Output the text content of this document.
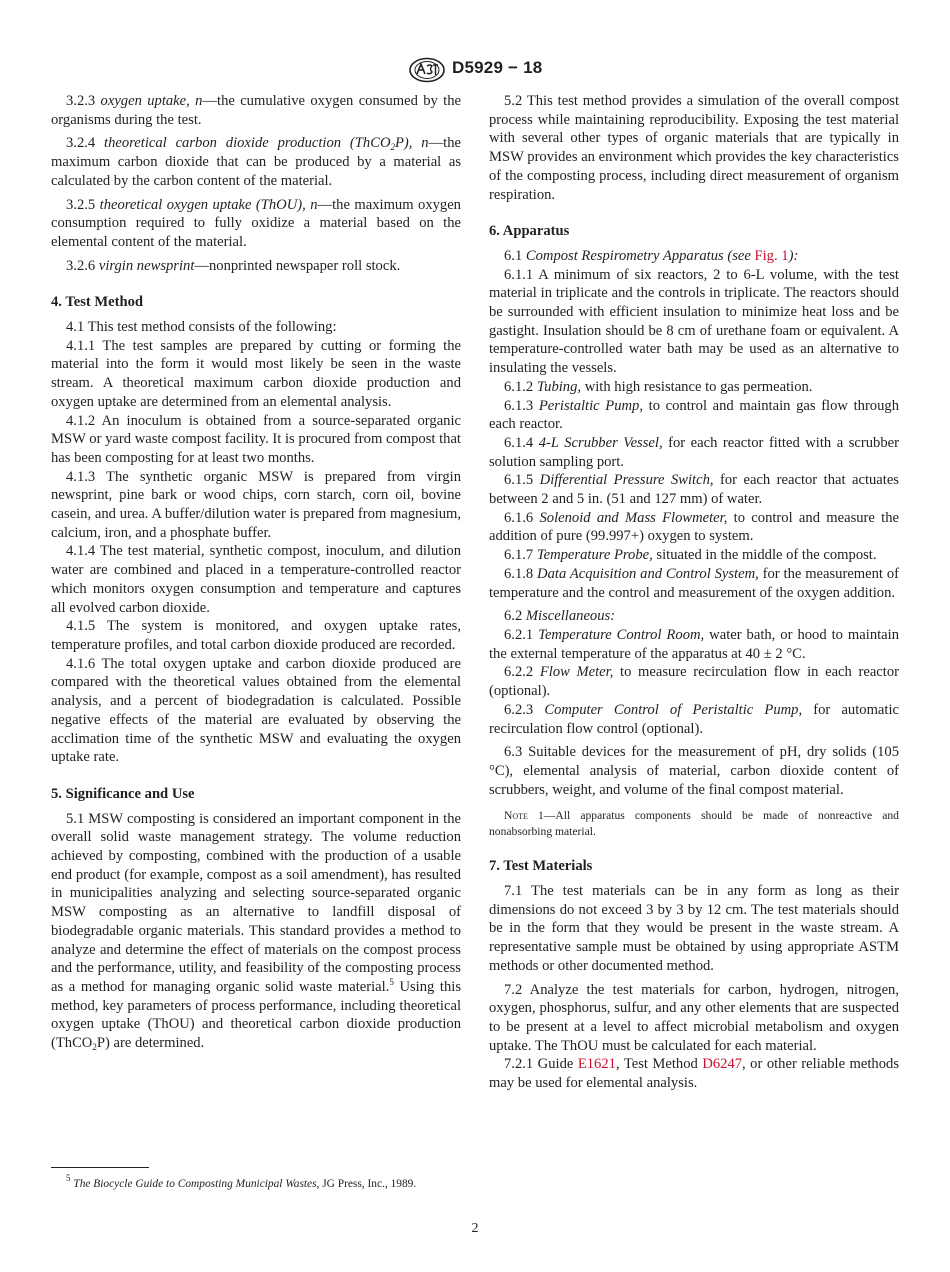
D5929 − 18

3.2.3 oxygen uptake, n—the cumulative oxygen consumed by the organisms during the test.

3.2.4 theoretical carbon dioxide production (ThCO$_2$P), n—the maximum carbon dioxide that can be produced by a material as calculated by the carbon content of the material.

3.2.5 theoretical oxygen uptake (ThOU), n—the maximum oxygen consumption required to fully oxidize a material based on the elemental content of the material.

3.2.6 virgin newsprint—nonprinted newspaper roll stock.

4. Test Method

4.1 This test method consists of the following:

4.1.1 The test samples are prepared by cutting or forming the material into the form it would most likely be seen in the waste stream. A theoretical maximum carbon dioxide production and oxygen uptake are determined from an elemental analysis.

4.1.2 An inoculum is obtained from a source-separated organic MSW or yard waste compost facility. It is procured from compost that has been composting for at least two months.

4.1.3 The synthetic organic MSW is prepared from virgin newsprint, pine bark or wood chips, corn starch, corn oil, bovine casein, and urea. A buffer/dilution water is prepared from magnesium, calcium, iron, and a phosphate buffer.

4.1.4 The test material, synthetic compost, inoculum, and dilution water are combined and placed in a temperature-controlled reactor which monitors oxygen consumption and temperature and captures all evolved carbon dioxide.

4.1.5 The system is monitored, and oxygen uptake rates, temperature profiles, and total carbon dioxide produced are recorded.

4.1.6 The total oxygen uptake and carbon dioxide produced are compared with the theoretical values obtained from the elemental analysis, and a percent of biodegradation is calculated. Possible negative effects of the material are evaluated by observing the acclimation time of the synthetic MSW and evaluating the oxygen uptake rate.

5. Significance and Use

5.1 MSW composting is considered an important component in the overall solid waste management strategy. The volume reduction achieved by composting, combined with the production of a usable end product (for example, compost as a soil amendment), has resulted in municipalities analyzing and selecting source-separated organic MSW composting as an alternative to landfill disposal of biodegradable organic materials. This standard provides a method to analyze and determine the effect of materials on the compost process and the performance, utility, and feasibility of the composting process as a method for managing organic solid waste material.$^5$ Using this method, key parameters of process performance, including theoretical oxygen uptake (ThOU) and theoretical carbon dioxide production (ThCO$_2$P) are determined.

$^5$ The Biocycle Guide to Composting Municipal Wastes, JG Press, Inc., 1989.

5.2 This test method provides a simulation of the overall compost process while maintaining reproducibility. Exposing the test material with several other types of organic materials that are typically in MSW provides an environment which provides the key characteristics of the composting process, including direct measurement of organism respiration.

6. Apparatus

6.1 Compost Respirometry Apparatus (see Fig. 1):

6.1.1 A minimum of six reactors, 2 to 6-L volume, with the test material in triplicate and the controls in triplicate. The reactors should be surrounded with efficient insulation to minimize heat loss and be gastight. Insulation should be 8 cm of urethane foam or equivalent. A temperature-controlled water bath may be used as an alternative to insulating the vessels.

6.1.2 Tubing, with high resistance to gas permeation.

6.1.3 Peristaltic Pump, to control and maintain gas flow through each reactor.

6.1.4 4-L Scrubber Vessel, for each reactor fitted with a scrubber solution sampling port.

6.1.5 Differential Pressure Switch, for each reactor that actuates between 2 and 5 in. (51 and 127 mm) of water.

6.1.6 Solenoid and Mass Flowmeter, to control and measure the addition of pure (99.997+) oxygen to system.

6.1.7 Temperature Probe, situated in the middle of the compost.

6.1.8 Data Acquisition and Control System, for the measurement of temperature and the control and measurement of the oxygen addition.

6.2 Miscellaneous:

6.2.1 Temperature Control Room, water bath, or hood to maintain the external temperature of the apparatus at 40 ± 2 °C.

6.2.2 Flow Meter, to measure recirculation flow in each reactor (optional).

6.2.3 Computer Control of Peristaltic Pump, for automatic recirculation flow control (optional).

6.3 Suitable devices for the measurement of pH, dry solids (105 °C), elemental analysis of material, carbon dioxide content of scrubbers, weight, and volume of the final compost material.

Note 1—All apparatus components should be made of nonreactive and nonabsorbing material.

7. Test Materials

7.1 The test materials can be in any form as long as their dimensions do not exceed 3 by 3 by 12 cm. The test materials should be in the form that they would be present in the waste stream. A representative sample must be obtained by using appropriate ASTM methods or other documented method.

7.2 Analyze the test materials for carbon, hydrogen, nitrogen, oxygen, phosphorus, sulfur, and any other elements that are suspected to be present at a level to affect microbial metabolism and oxygen uptake. The ThOU must be calculated for each material.

7.2.1 Guide E1621, Test Method D6247, or other reliable methods may be used for elemental analysis.

2
